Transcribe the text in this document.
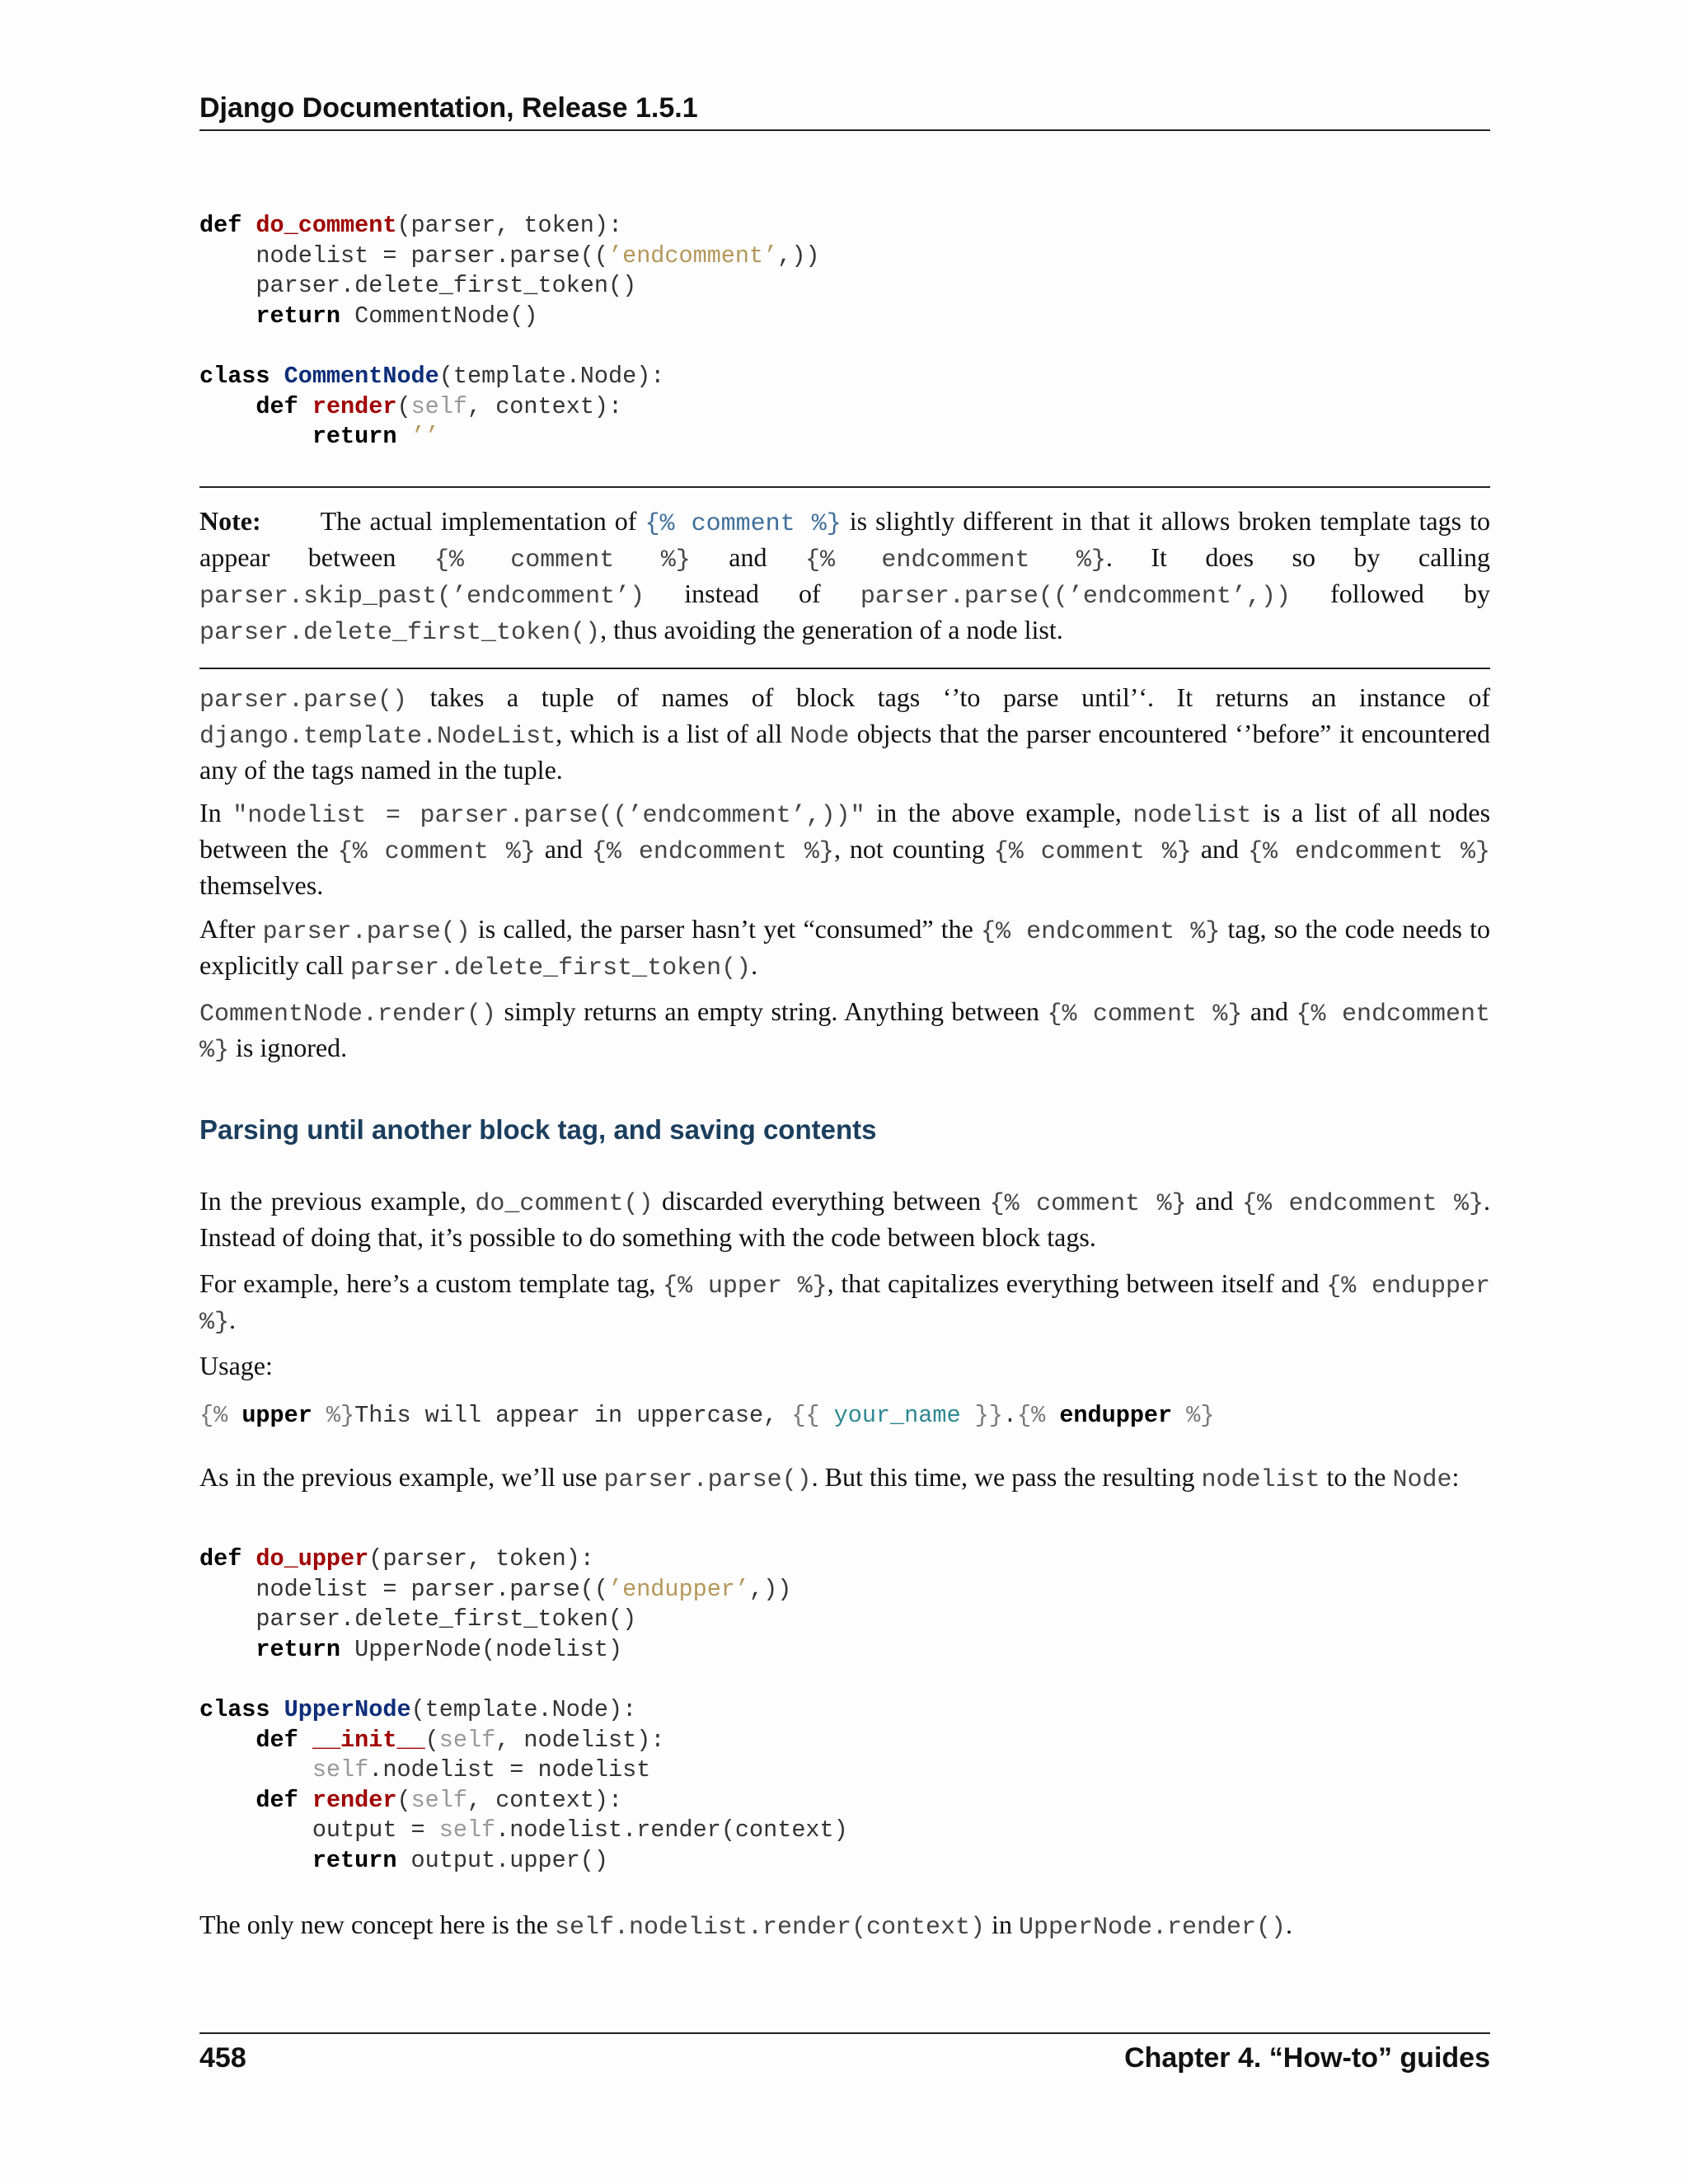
Django Documentation, Release 1.5.1
def do_comment(parser, token):
nodelist = parser.parse((’endcomment’,))
parser.delete_first_token()
return CommentNode()

class CommentNode(template.Node):
def render(self, context):
return ’’

Note: The actual implementation of {% comment %} is slightly different in that it allows broken template tags to appear between {% comment %} and {% endcomment %}. It does so by calling parser.skip_past(’endcomment’) instead of parser.parse((’endcomment’,)) followed by parser.delete_first_token(), thus avoiding the generation of a node list.

parser.parse() takes a tuple of names of block tags ‘’to parse until’‘. It returns an instance of django.template.NodeList, which is a list of all Node objects that the parser encountered ‘’before” it encountered any of the tags named in the tuple.

In "nodelist = parser.parse((’endcomment’,))" in the above example, nodelist is a list of all nodes between the {% comment %} and {% endcomment %}, not counting {% comment %} and {% endcomment %} themselves.

After parser.parse() is called, the parser hasn’t yet “consumed” the {% endcomment %} tag, so the code needs to explicitly call parser.delete_first_token().

CommentNode.render() simply returns an empty string. Anything between {% comment %} and {% endcomment %} is ignored.

Parsing until another block tag, and saving contents

In the previous example, do_comment() discarded everything between {% comment %} and {% endcomment %}. Instead of doing that, it’s possible to do something with the code between block tags.

For example, here’s a custom template tag, {% upper %}, that capitalizes everything between itself and {% endupper %}.

Usage:

{% upper %}This will appear in uppercase, {{ your_name }}.{% endupper %}

As in the previous example, we’ll use parser.parse(). But this time, we pass the resulting nodelist to the Node:

def do_upper(parser, token):
nodelist = parser.parse((’endupper’,))
parser.delete_first_token()
return UpperNode(nodelist)

class UpperNode(template.Node):
def __init__(self, nodelist):
self.nodelist = nodelist
def render(self, context):
output = self.nodelist.render(context)
return output.upper()

The only new concept here is the self.nodelist.render(context) in UpperNode.render().

458	Chapter 4. “How-to” guides
